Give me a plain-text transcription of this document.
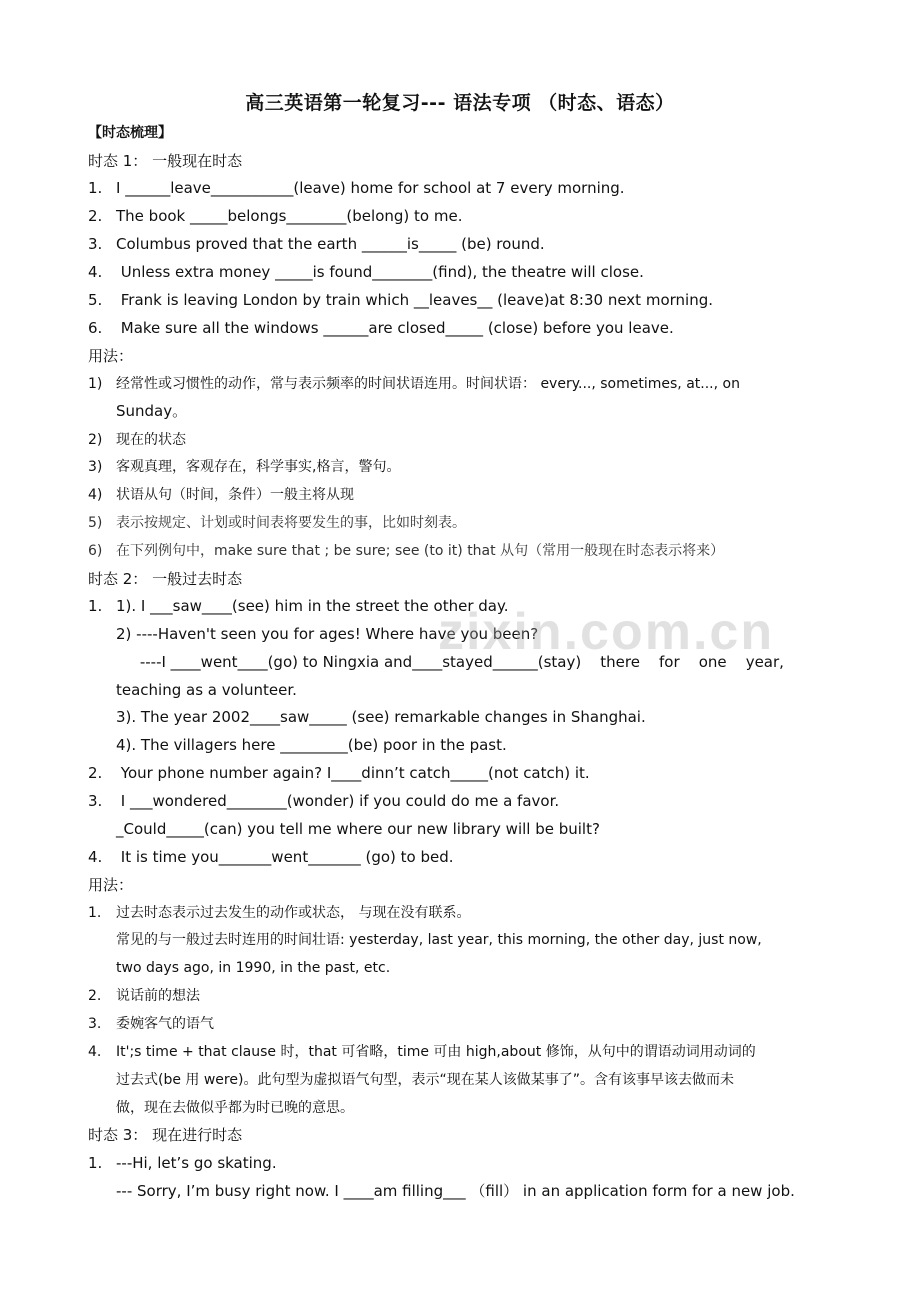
高三英语第一轮复习--- 语法专项 （时态、语态）
【时态梳理】
时态 1： 一般现在时态
1. I ______leave___________(leave) home for school at 7 every morning.
2. The book _____belongs________(belong) to me.
3. Columbus proved that the earth ______is_____ (be) round.
4. Unless extra money _____is found________(find), the theatre will close.
5. Frank is leaving London by train which __leaves__ (leave)at 8:30 next morning.
6. Make sure all the windows ______are closed_____ (close) before you leave.
用法：
1) 经常性或习惯性的动作，常与表示频率的时间状语连用。时间状语： every..., sometimes, at..., on
Sunday。
2) 现在的状态
3) 客观真理，客观存在，科学事实,格言，警句。
4) 状语从句（时间，条件）一般主将从现
5) 表示按规定、计划或时间表将要发生的事，比如时刻表。
6) 在下列例句中，make sure that ; be sure; see (to it) that 从句（常用一般现在时态表示将来）
时态 2： 一般过去时态
1. 1). I ___saw____(see) him in the street the other day.
2) ----Haven't seen you for ages! Where have you been?
----I ____went____(go) to Ningxia and____stayed______(stay)    there    for    one    year,
teaching as a volunteer.
3). The year 2002____saw_____ (see) remarkable changes in Shanghai.
4). The villagers here _________(be) poor in the past.
2. Your phone number again? I____dinn’t catch_____(not catch) it.
3. I ___wondered________(wonder) if you could do me a favor.
_Could_____(can) you tell me where our new library will be built?
4. It is time you_______went_______ (go) to bed.
用法：
1. 过去时态表示过去发生的动作或状态， 与现在没有联系。
常见的与一般过去时连用的时间壮语: yesterday, last year, this morning, the other day, just now,
two days ago, in 1990, in the past, etc.
2. 说话前的想法
3. 委婉客气的语气
4. It';s time + that clause 时，that 可省略，time 可由 high,about 修饰，从句中的谓语动词用动词的
过去式(be 用 were)。此句型为虚拟语气句型，表示“现在某人该做某事了”。含有该事早该去做而未
做，现在去做似乎都为时已晚的意思。
时态 3： 现在进行时态
1. ---Hi, let’s go skating.
--- Sorry, I’m busy right now. I ____am filling___ （fill） in an application form for a new job.
zixin.com.cn
